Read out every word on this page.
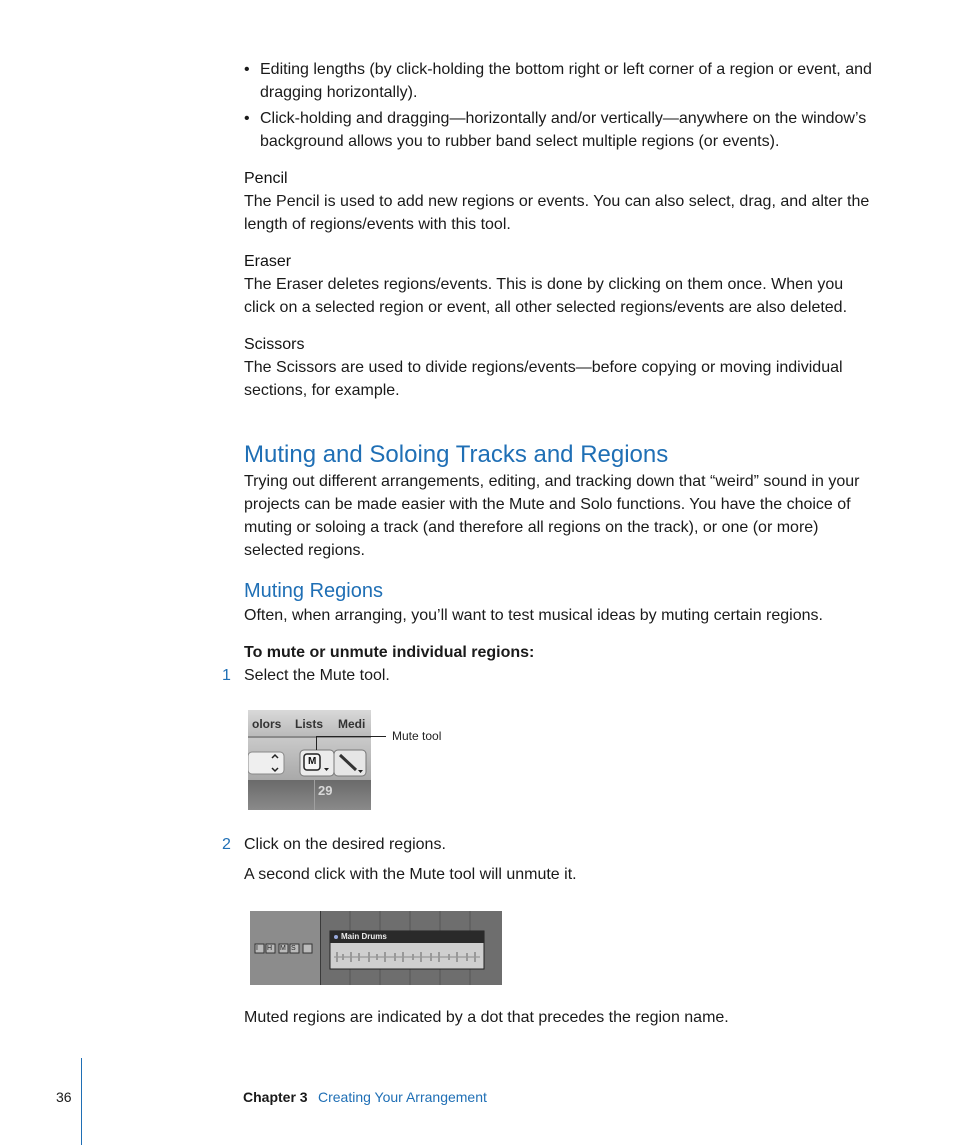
• Editing lengths (by click-holding the bottom right or left corner of a region or event, and dragging horizontally).
• Click-holding and dragging—horizontally and/or vertically—anywhere on the window’s background allows you to rubber band select multiple regions (or events).
Pencil
The Pencil is used to add new regions or events. You can also select, drag, and alter the length of regions/events with this tool.
Eraser
The Eraser deletes regions/events. This is done by clicking on them once. When you click on a selected region or event, all other selected regions/events are also deleted.
Scissors
The Scissors are used to divide regions/events—before copying or moving individual sections, for example.
Muting and Soloing Tracks and Regions
Trying out different arrangements, editing, and tracking down that “weird” sound in your projects can be made easier with the Mute and Solo functions. You have the choice of muting or soloing a track (and therefore all regions on the track), or one (or more) selected regions.
Muting Regions
Often, when arranging, you’ll want to test musical ideas by muting certain regions.
To mute or unmute individual regions:
1 Select the Mute tool.
olors Lists Medi
M
29
Mute tool
2 Click on the desired regions.
A second click with the Mute tool will unmute it.
I H M S
Main Drums
Muted regions are indicated by a dot that precedes the region name.
36	Chapter 3 Creating Your Arrangement
